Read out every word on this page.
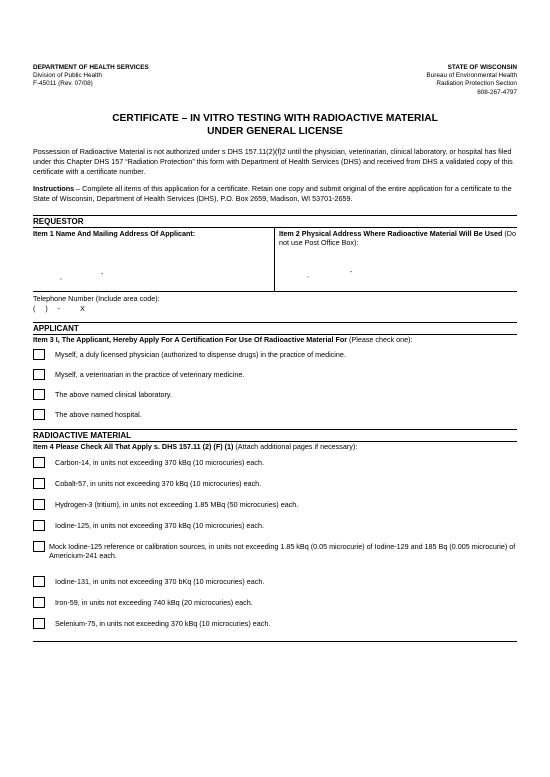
DEPARTMENT OF HEALTH SERVICES
Division of Public Health
F-45011 (Rev. 07/08)
STATE OF WISCONSIN
Bureau of Environmental Health
Radiation Protection Section
608-267-4797
CERTIFICATE – IN VITRO TESTING WITH RADIOACTIVE MATERIAL
UNDER GENERAL LICENSE
Possession of Radioactive Material is not authorized under s DHS 157.11(2)(f)2 until the physician, veterinarian, clinical laboratory, or hospital has filed under this Chapter DHS 157 “Radiation Protection” this form with Department of Health Services (DHS) and received from DHS a validated copy of this certificate with a certificate number.
Instructions – Complete all items of this application for a certificate. Retain one copy and submit original of the entire application for a certificate to the State of Wisconsin, Department of Health Services (DHS), P.O. Box 2659, Madison, WI 53701-2659.
REQUESTOR
Item 1 Name And Mailing Address Of Applicant:
,	-
Item 2 Physical Address Where Radioactive Material Will Be Used (Do not use Post Office Box):
,	-
Telephone Number (Include area code):
(     )     -          X
APPLICANT
Item 3 I, The Applicant, Hereby Apply For A Certification For Use Of Radioactive Material For (Please check one):
Myself, a duly licensed physician (authorized to dispense drugs) in the practice of medicine.
Myself, a veterinarian in the practice of veterinary medicine.
The above named clinical laboratory.
The above named hospital.
RADIOACTIVE MATERIAL
Item 4 Please Check All That Apply s. DHS 157.11 (2) (F) (1) (Attach additional pages if necessary):
Carbon-14, in units not exceeding 370 kBq (10 microcuries) each.
Cobalt-57, in units not exceeding 370 kBq (10 microcuries) each.
Hydrogen-3 (tritium), in units not exceeding 1.85 MBq (50 microcuries) each.
Iodine-125, in units not exceeding 370 kBq (10 microcuries) each.
Mock Iodine-125 reference or calibration sources, in units not exceeding 1.85 kBq (0.05 microcurie) of Iodine-129 and 185 Bq (0.005 microcurie) of Americium-241 each.
Iodine-131, in units not exceeding 370 bKq (10 microcuries) each.
Iron-59, in units not exceeding 740 kBq (20 microcuries) each.
Selenium-75, in units not exceeding 370 kBq (10 microcuries) each.
